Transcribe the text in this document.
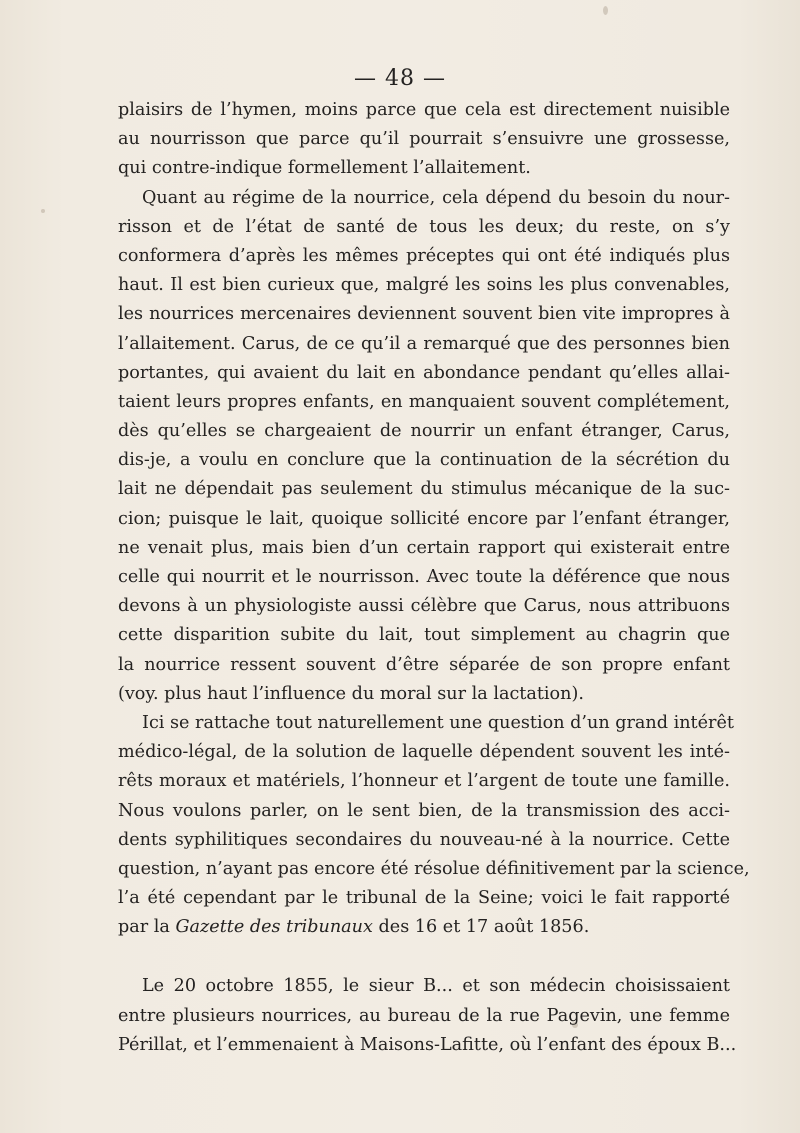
— 48 —
plaisirs de l’hymen, moins parce que cela est directement nuisible
au nourrisson que parce qu’il pourrait s’ensuivre une grossesse,
qui contre-indique formellement l’allaitement.
Quant au régime de la nourrice, cela dépend du besoin du nour-
risson et de l’état de santé de tous les deux; du reste, on s’y
conformera d’après les mêmes préceptes qui ont été indiqués plus
haut. Il est bien curieux que, malgré les soins les plus convenables,
les nourrices mercenaires deviennent souvent bien vite impropres à
l’allaitement. Carus, de ce qu’il a remarqué que des personnes bien
portantes, qui avaient du lait en abondance pendant qu’elles allai-
taient leurs propres enfants, en manquaient souvent complétement,
dès qu’elles se chargeaient de nourrir un enfant étranger, Carus,
dis-je, a voulu en conclure que la continuation de la sécrétion du
lait ne dépendait pas seulement du stimulus mécanique de la suc-
cion; puisque le lait, quoique sollicité encore par l’enfant étranger,
ne venait plus, mais bien d’un certain rapport qui existerait entre
celle qui nourrit et le nourrisson. Avec toute la déférence que nous
devons à un physiologiste aussi célèbre que Carus, nous attribuons
cette disparition subite du lait, tout simplement au chagrin que
la nourrice ressent souvent d’être séparée de son propre enfant
(voy. plus haut l’influence du moral sur la lactation).
Ici se rattache tout naturellement une question d’un grand intérêt
médico-légal, de la solution de laquelle dépendent souvent les inté-
rêts moraux et matériels, l’honneur et l’argent de toute une famille.
Nous voulons parler, on le sent bien, de la transmission des acci-
dents syphilitiques secondaires du nouveau-né à la nourrice. Cette
question, n’ayant pas encore été résolue définitivement par la science,
l’a été cependant par le tribunal de la Seine; voici le fait rapporté
par la Gazette des tribunaux des 16 et 17 août 1856.
Le 20 octobre 1855, le sieur B... et son médecin choisissaient
entre plusieurs nourrices, au bureau de la rue Pagevin, une femme
Périllat, et l’emmenaient à Maisons-Lafitte, où l’enfant des époux B...
